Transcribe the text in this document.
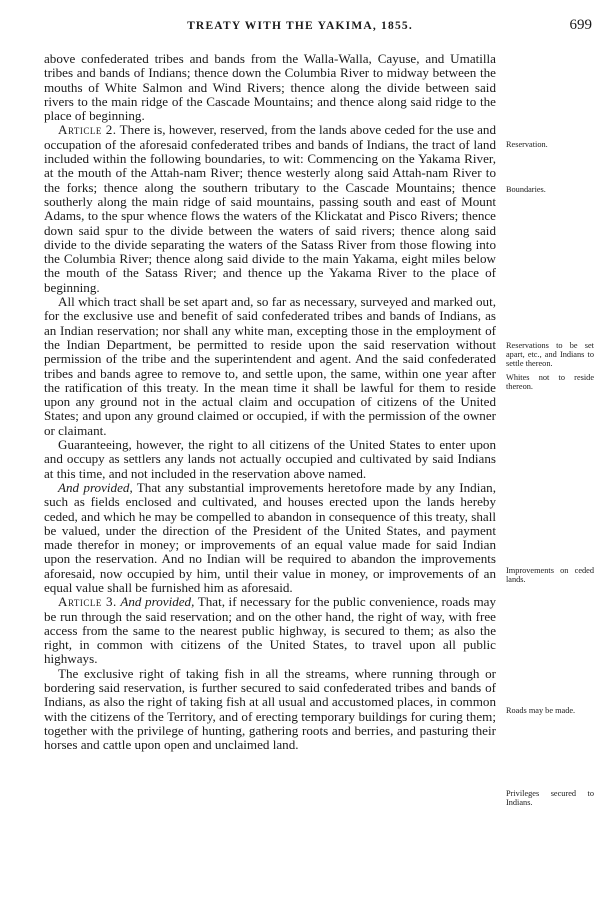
TREATY WITH THE YAKIMA, 1855.	699

above confederated tribes and bands from the Walla-Walla, Cayuse, and Umatilla tribes and bands of Indians; thence down the Columbia River to midway between the mouths of White Salmon and Wind Rivers; thence along the divide between said rivers to the main ridge of the Cascade Mountains; and thence along said ridge to the place of beginning.

Article 2. There is, however, reserved, from the lands above ceded for the use and occupation of the aforesaid confederated tribes and bands of Indians, the tract of land included within the following boundaries, to wit: Commencing on the Yakama River, at the mouth of the Attah-nam River; thence westerly along said Attah-nam River to the forks; thence along the southern tributary to the Cascade Mountains; thence southerly along the main ridge of said mountains, passing south and east of Mount Adams, to the spur whence flows the waters of the Klickatat and Pisco Rivers; thence down said spur to the divide between the waters of said rivers; thence along said divide to the divide separating the waters of the Satass River from those flowing into the Columbia River; thence along said divide to the main Yakama, eight miles below the mouth of the Satass River; and thence up the Yakama River to the place of beginning.

All which tract shall be set apart and, so far as necessary, surveyed and marked out, for the exclusive use and benefit of said confederated tribes and bands of Indians, as an Indian reservation; nor shall any white man, excepting those in the employment of the Indian Department, be permitted to reside upon the said reservation without permission of the tribe and the superintendent and agent. And the said confederated tribes and bands agree to remove to, and settle upon, the same, within one year after the ratification of this treaty. In the mean time it shall be lawful for them to reside upon any ground not in the actual claim and occupation of citizens of the United States; and upon any ground claimed or occupied, if with the permission of the owner or claimant.

Guaranteeing, however, the right to all citizens of the United States to enter upon and occupy as settlers any lands not actually occupied and cultivated by said Indians at this time, and not included in the reservation above named.

And provided, That any substantial improvements heretofore made by any Indian, such as fields enclosed and cultivated, and houses erected upon the lands hereby ceded, and which he may be compelled to abandon in consequence of this treaty, shall be valued, under the direction of the President of the United States, and payment made therefor in money; or improvements of an equal value made for said Indian upon the reservation. And no Indian will be required to abandon the improvements aforesaid, now occupied by him, until their value in money, or improvements of an equal value shall be furnished him as aforesaid.

Article 3. And provided, That, if necessary for the public convenience, roads may be run through the said reservation; and on the other hand, the right of way, with free access from the same to the nearest public highway, is secured to them; as also the right, in common with citizens of the United States, to travel upon all public highways.

The exclusive right of taking fish in all the streams, where running through or bordering said reservation, is further secured to said confederated tribes and bands of Indians, as also the right of taking fish at all usual and accustomed places, in common with the citizens of the Territory, and of erecting temporary buildings for curing them; together with the privilege of hunting, gathering roots and berries, and pasturing their horses and cattle upon open and unclaimed land.

Reservation.
Boundaries.
Reservations to be set apart, etc., and Indians to settle thereon.
Whites not to reside thereon.
Improvements on ceded lands.
Roads may be made.
Privileges secured to Indians.
